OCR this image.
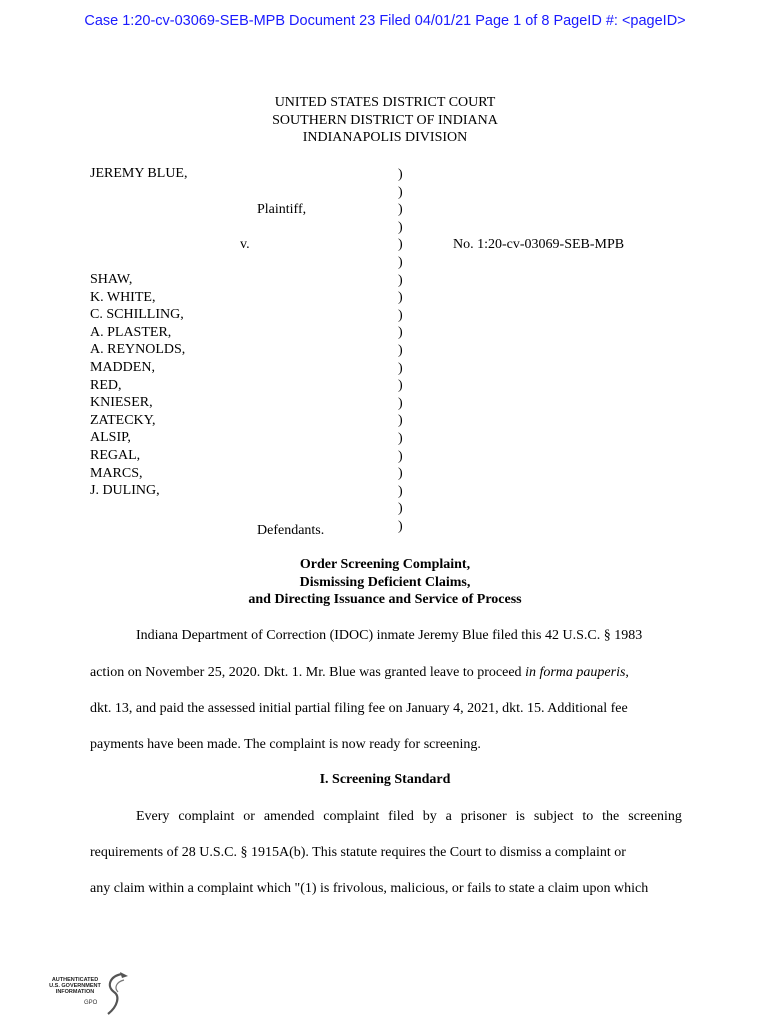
Case 1:20-cv-03069-SEB-MPB Document 23 Filed 04/01/21 Page 1 of 8 PageID #: <pageID>
UNITED STATES DISTRICT COURT
SOUTHERN DISTRICT OF INDIANA
INDIANAPOLIS DIVISION
JEREMY BLUE,
Plaintiff,
v.	No. 1:20-cv-03069-SEB-MPB
Defendants.
)
)
)
)
)
)
)
)
)
)
)
)
)
)
)
)
)
)
)
)
)
SHAW,
K. WHITE,
C. SCHILLING,
A. PLASTER,
A. REYNOLDS,
MADDEN,
RED,
KNIESER,
ZATECKY,
ALSIP,
REGAL,
MARCS,
J. DULING,
Order Screening Complaint,
Dismissing Deficient Claims,
and Directing Issuance and Service of Process
Indiana Department of Correction (IDOC) inmate Jeremy Blue filed this 42 U.S.C. § 1983
action on November 25, 2020. Dkt. 1. Mr. Blue was granted leave to proceed in forma pauperis,
dkt. 13, and paid the assessed initial partial filing fee on January 4, 2021, dkt. 15. Additional fee
payments have been made. The complaint is now ready for screening.
I. Screening Standard
Every complaint or amended complaint filed by a prisoner is subject to the screening
requirements of 28 U.S.C. § 1915A(b). This statute requires the Court to dismiss a complaint or
any claim within a complaint which "(1) is frivolous, malicious, or fails to state a claim upon which
AUTHENTICATED
U.S. GOVERNMENT
INFORMATION
GPO
